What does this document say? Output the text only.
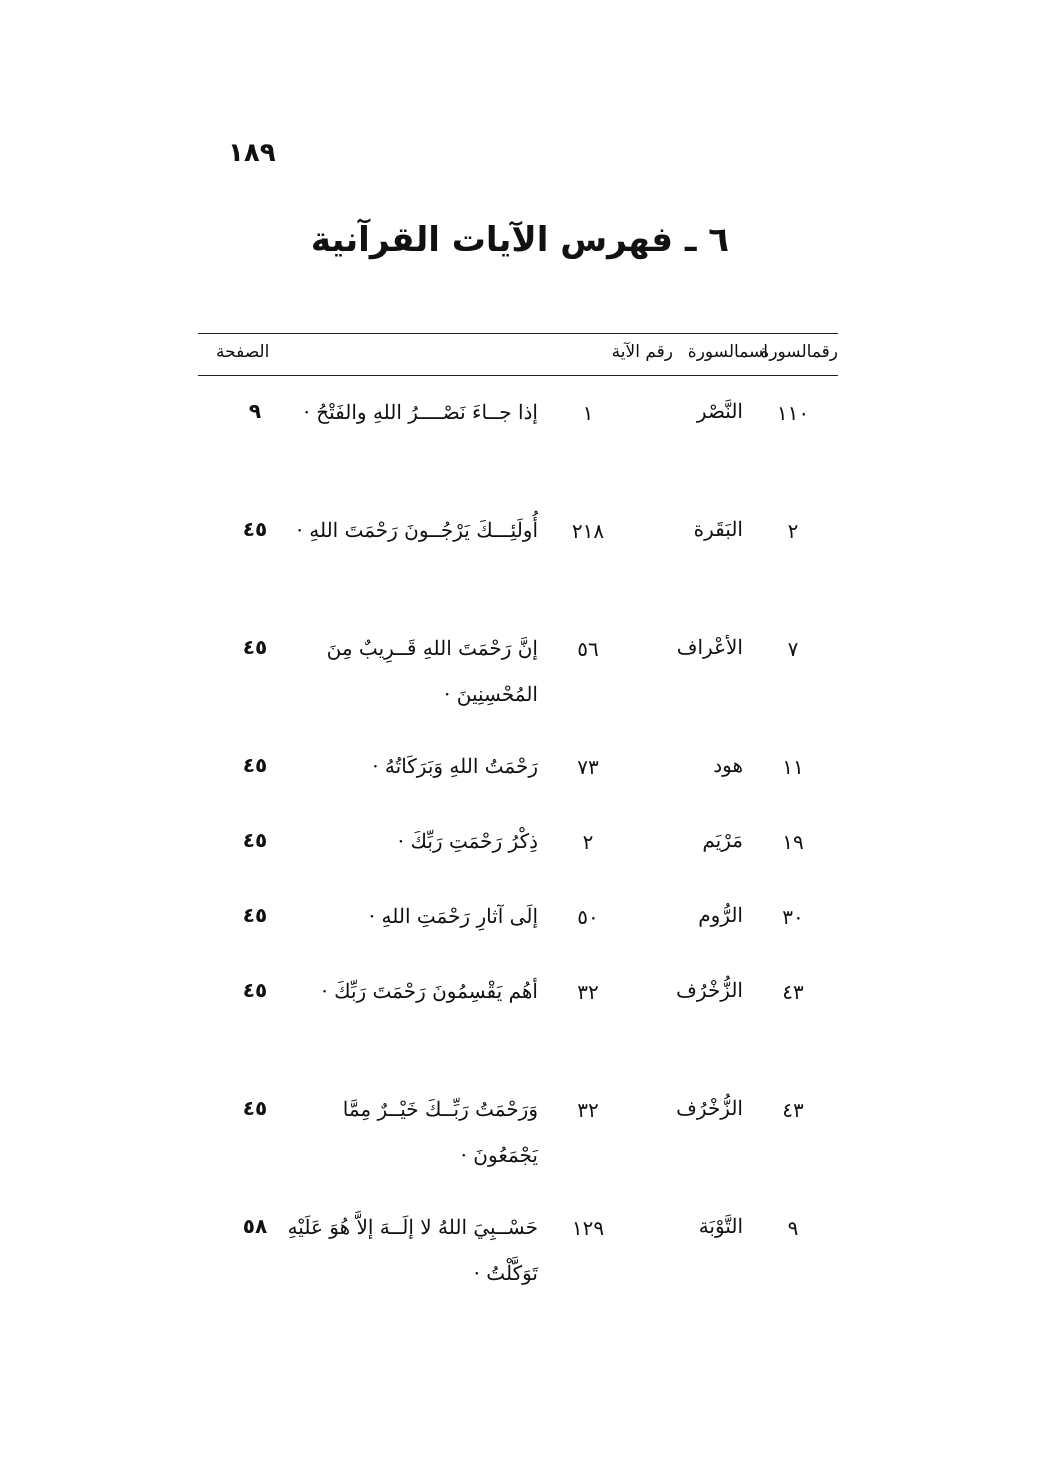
١٨٩
٦ ـ فهرس الآيات القرآنية
رقمالسورة
اسمالسورة
رقم الآية
الصفحة
١١٠
النَّصْر
١
إذا جــاءَ نَصْــــرُ اللهِ والفَتْحُ ·
٩
٢
البَقَرة
٢١٨
أُولَئِـــكَ يَرْجُــونَ رَحْمَتَ اللهِ ·
٤٥
٧
الأعْراف
٥٦
إنَّ رَحْمَتَ اللهِ قَــرِيبٌ مِنَ المُحْسِنِينَ ·
٤٥
١١
هود
٧٣
رَحْمَتُ اللهِ وَبَرَكَاتُهُ ·
٤٥
١٩
مَرْيَم
٢
ذِكْرُ رَحْمَتِ رَبِّكَ ·
٤٥
٣٠
الرُّوم
٥٠
إلَى آثارِ رَحْمَتِ اللهِ ·
٤٥
٤٣
الزُّخْرُف
٣٢
أهُم يَقْسِمُونَ رَحْمَتَ رَبِّكَ ·
٤٥
٤٣
الزُّخْرُف
٣٢
وَرَحْمَتُ رَبِّــكَ خَيْــرٌ مِمَّا يَجْمَعُونَ ·
٤٥
٩
التَّوْبَة
١٢٩
حَسْــبِيَ اللهُ لا إلَــهَ إلاَّ هُوَ عَلَيْهِ تَوَكَّلْتُ ·
٥٨
